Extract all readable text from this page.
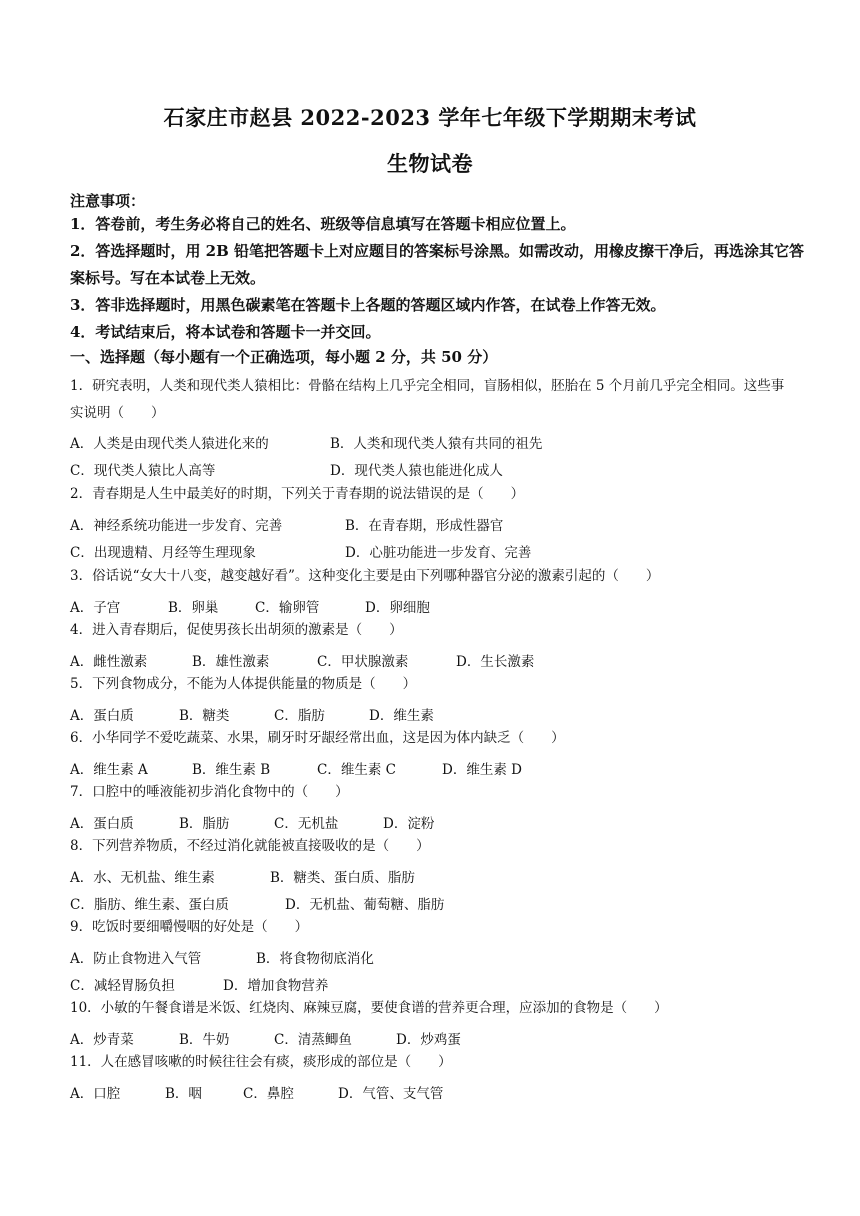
石家庄市赵县 2022-2023 学年七年级下学期期末考试
生物试卷
注意事项：
1．答卷前，考生务必将自己的姓名、班级等信息填写在答题卡相应位置上。
2．答选择题时，用 2B 铅笔把答题卡上对应题目的答案标号涂黑。如需改动，用橡皮擦干净后，再选涂其它答案标号。写在本试卷上无效。
3．答非选择题时，用黑色碳素笔在答题卡上各题的答题区域内作答，在试卷上作答无效。
4．考试结束后，将本试卷和答题卡一并交回。
一、选择题（每小题有一个正确选项，每小题 2 分，共 50 分）
1．研究表明，人类和现代类人猿相比：骨骼在结构上几乎完全相同，盲肠相似，胚胎在 5 个月前几乎完全相同。这些事实说明（　　）
A．人类是由现代类人猿进化来的	B．人类和现代类人猿有共同的祖先
C．现代类人猿比人高等	D．现代类人猿也能进化成人
2．青春期是人生中最美好的时期，下列关于青春期的说法错误的是（　　）
A．神经系统功能进一步发育、完善	B．在青春期，形成性器官
C．出现遗精、月经等生理现象	D．心脏功能进一步发育、完善
3．俗话说“女大十八变，越变越好看”。这种变化主要是由下列哪种器官分泌的激素引起的（　　）
A．子宫	B．卵巢	C．输卵管	D．卵细胞
4．进入青春期后，促使男孩长出胡须的激素是（　　）
A．雌性激素	B．雄性激素	C．甲状腺激素	D．生长激素
5．下列食物成分，不能为人体提供能量的物质是（　　）
A．蛋白质	B．糖类	C．脂肪	D．维生素
6．小华同学不爱吃蔬菜、水果，刷牙时牙龈经常出血，这是因为体内缺乏（　　）
A．维生素 A	B．维生素 B	C．维生素 C	D．维生素 D
7．口腔中的唾液能初步消化食物中的（　　）
A．蛋白质	B．脂肪	C．无机盐	D．淀粉
8．下列营养物质，不经过消化就能被直接吸收的是（　　）
A．水、无机盐、维生素	B．糖类、蛋白质、脂肪
C．脂肪、维生素、蛋白质	D．无机盐、葡萄糖、脂肪
9．吃饭时要细嚼慢咽的好处是（　　）
A．防止食物进入气管	B．将食物彻底消化
C．减轻胃肠负担	D．增加食物营养
10．小敏的午餐食谱是米饭、红烧肉、麻辣豆腐，要使食谱的营养更合理，应添加的食物是（　　）
A．炒青菜	B．牛奶	C．清蒸鲫鱼	D．炒鸡蛋
11．人在感冒咳嗽的时候往往会有痰，痰形成的部位是（　　）
A．口腔	B．咽	C．鼻腔	D．气管、支气管
